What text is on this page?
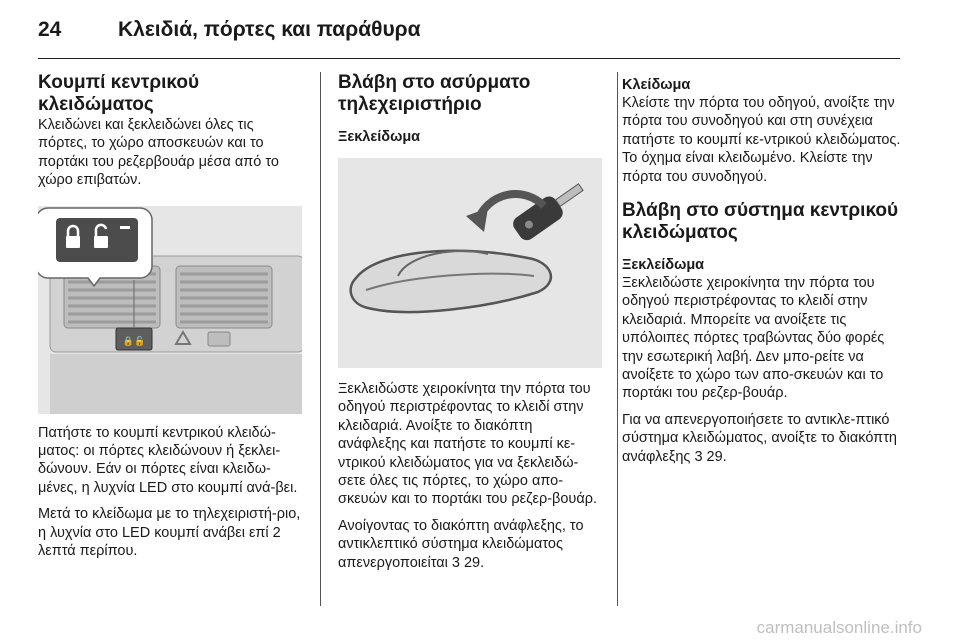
24	Κλειδιά, πόρτες και παράθυρα
Κουμπί κεντρικού κλειδώματος

Κλειδώνει και ξεκλειδώνει όλες τις πόρτες, το χώρο αποσκευών και το πορτάκι του ρεζερβουάρ μέσα από το χώρο επιβατών.

🔒🔓

Πατήστε το κουμπί κεντρικού κλειδώ-ματος: οι πόρτες κλειδώνουν ή ξεκλει-δώνουν. Εάν οι πόρτες είναι κλειδω-μένες, η λυχνία LED στο κουμπί ανά-βει.

Μετά το κλείδωμα με το τηλεχειριστή-ριο, η λυχνία στο LED κουμπί ανάβει επί 2 λεπτά περίπου.

Βλάβη στο ασύρματο τηλεχειριστήριο
Ξεκλείδωμα

Ξεκλειδώστε χειροκίνητα την πόρτα του οδηγού περιστρέφοντας το κλειδί στην κλειδαριά. Ανοίξτε το διακόπτη ανάφλεξης και πατήστε το κουμπί κε-ντρικού κλειδώματος για να ξεκλειδώ-σετε όλες τις πόρτες, το χώρο απο-σκευών και το πορτάκι του ρεζερ-βουάρ.

Ανοίγοντας το διακόπτη ανάφλεξης, το αντικλεπτικό σύστημα κλειδώματος απενεργοποιείται 3 29.

Κλείδωμα

Κλείστε την πόρτα του οδηγού, ανοίξτε την πόρτα του συνοδηγού και στη συνέχεια πατήστε το κουμπί κε-ντρικού κλειδώματος. Το όχημα είναι κλειδωμένο. Κλείστε την πόρτα του συνοδηγού.

Βλάβη στο σύστημα κεντρικού κλειδώματος
Ξεκλείδωμα

Ξεκλειδώστε χειροκίνητα την πόρτα του οδηγού περιστρέφοντας το κλειδί στην κλειδαριά. Μπορείτε να ανοίξετε τις υπόλοιπες πόρτες τραβώντας δύο φορές την εσωτερική λαβή. Δεν μπο-ρείτε να ανοίξετε το χώρο των απο-σκευών και το πορτάκι του ρεζερ-βουάρ.

Για να απενεργοποιήσετε το αντικλε-πτικό σύστημα κλειδώματος, ανοίξτε το διακόπτη ανάφλεξης 3 29.

carmanualsonline.info
